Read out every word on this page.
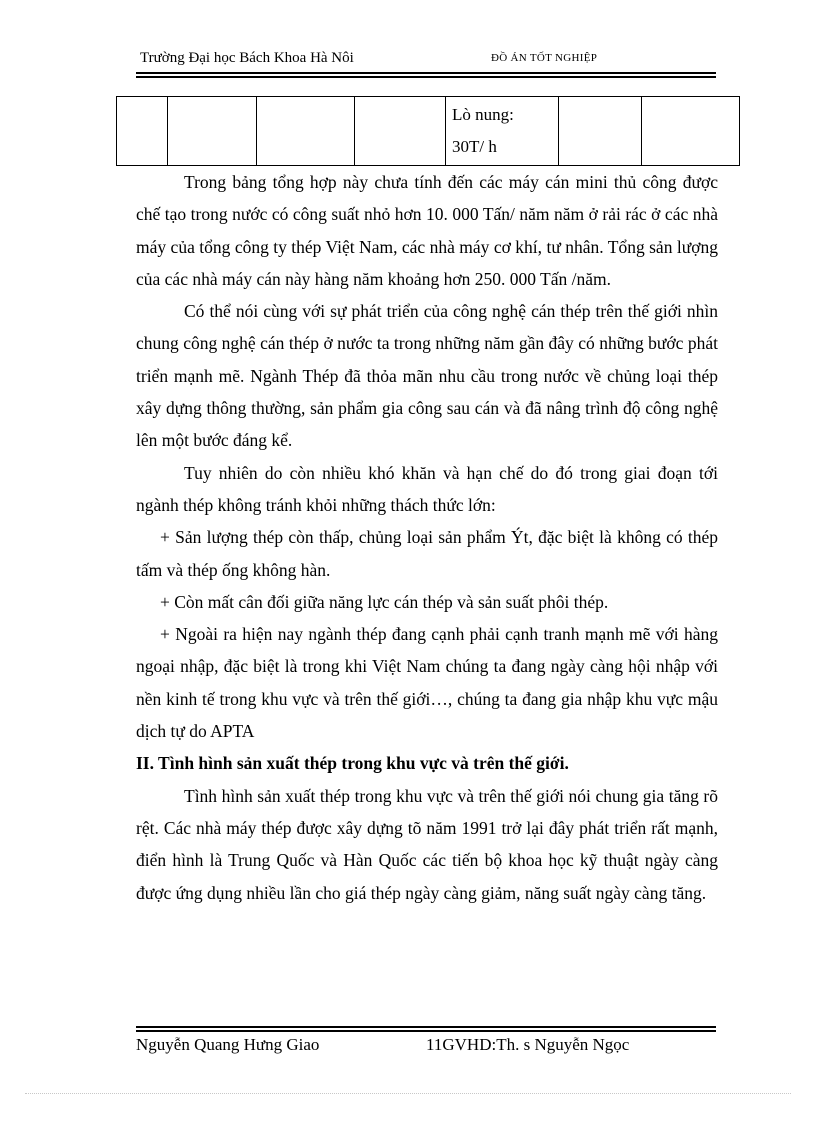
Trường Đại học Bách Khoa Hà Nôi	ĐỒ ÁN TỐT NGHIỆP
				Lò nung:
30T/ h		

Trong bảng tổng hợp này chưa tính đến các máy cán mini thủ công được chế tạo trong nước có công suất nhỏ hơn 10. 000 Tấn/ năm năm ở rải rác ở các nhà máy của tổng công ty thép Việt Nam, các nhà máy cơ khí, tư nhân. Tổng sản lượng của các nhà máy cán này hàng năm khoảng hơn 250. 000 Tấn /năm.

Có thể nói cùng với sự phát triển của công nghệ cán thép trên thế giới nhìn chung công nghệ cán thép ở nước ta trong những năm gần đây có những bước phát triển mạnh mẽ. Ngành Thép đã thỏa mãn nhu cầu trong nước về chủng loại thép xây dựng thông thường, sản phẩm gia công sau cán và đã nâng trình độ công nghệ lên một bước đáng kể.

Tuy nhiên do còn nhiều khó khăn và hạn chế do đó trong giai đoạn tới ngành thép không tránh khỏi những thách thức lớn:

+ Sản lượng thép còn thấp, chủng loại sản phẩm Ýt, đặc biệt là không có thép tấm và thép ống không hàn.

+ Còn mất cân đối giữa năng lực cán thép và sản suất phôi thép.

+ Ngoài ra hiện nay ngành thép đang cạnh phải cạnh tranh mạnh mẽ với hàng ngoại nhập, đặc biệt là trong khi Việt Nam chúng ta đang ngày càng hội nhập với nền kinh tế trong khu vực và trên thế giới…, chúng ta đang gia nhập khu vực mậu dịch tự do APTA

II. Tình hình sản xuất thép trong khu vực và trên thế giới.

Tình hình sản xuất thép trong khu vực và trên thế giới nói chung gia tăng rõ rệt. Các nhà máy thép được xây dựng tõ năm 1991 trở lại đây phát triển rất mạnh, điển hình là Trung Quốc và Hàn Quốc các tiến bộ khoa học kỹ thuật ngày càng được ứng dụng nhiều lần cho giá thép ngày càng giảm, năng suất ngày càng tăng.

Nguyễn Quang Hưng Giao	11GVHD:Th. s Nguyễn Ngọc
